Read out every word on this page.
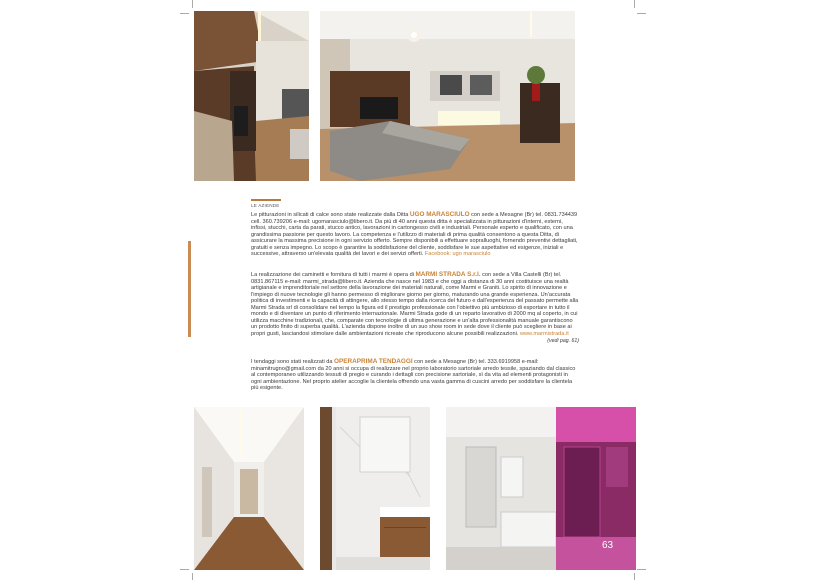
LE AZIENDE

Le pitturazioni in silicati di calce sono state realizzate dalla Ditta UGO MARASCIULO con sede a Mesagne (Br) tel. 0831.734439 cell. 360.739206 e-mail: ugomarasciulo@libero.it. Da più di 40 anni questa ditta è specializzata in pitturazioni d'interni, esterni, infissi, stucchi, carta da parati, stucco antico, lavorazioni in cartongesso civili e industriali. Personale esperto e qualificato, con una grandissima passione per questo lavoro. La competenza e l'utilizzo di materiali di prima qualità consentono a questa Ditta, di assicurare la massima precisione in ogni servizio offerto. Sempre disponibili a effettuare sopralluoghi, fornendo preventivi dettagliati, gratuiti e senza impegno. Lo scopo è garantire la soddisfazione del cliente, soddisfare le sue aspettative ed esigenze, iniziali e successive, attraverso un'elevata qualità dei lavori e dei servizi offerti. Facebook: ugo marasciulo

La realizzazione dei caminetti e fornitura di tutti i marmi è opera di MARMI STRADA S.r.l. con sede a Villa Castelli (Br) tel. 0831.867115 e-mail: marmi_strada@libero.it. Azienda che nasce nel 1983 e che oggi a distanza di 30 anni costituisce una realtà artigianale e imprenditoriale nel settore della lavorazione dei materiali naturali, come Marmi e Graniti. Lo spirito di innovazione e l'impiego di nuove tecnologie gli hanno permesso di migliorare giorno per giorno, maturando una grande esperienza. Un'accurata politica di investimenti e la capacità di attingere, allo stesso tempo dalla ricerca del futuro e dall'esperienza del passato permette alla Marmi Strada srl di consolidare nel tempo la figura ed il prestigio professionale con l'obiettivo più ambizioso di esportare in tutto il mondo e di diventare un punto di riferimento internazionale. Marmi Strada gode di un reparto lavorativo di 2000 mq al coperto, in cui utilizza macchine tradizionali, che, comparate con tecnologie di ultima generazione e un'alta professionalità manuale garantiscono un prodotto finito di superba qualità. L'azienda dispone inoltre di un suo show room in sede dove il cliente può scegliere in base ai propri gusti, lasciandosi stimolare dalle ambientazioni ricreate che riproducono alcune possibili realizzazioni. www.marmistrada.it

(vedi pag. 61)

I tendaggi sono stati realizzati da OPERAPRIMA TENDAGGI con sede a Mesagne (Br) tel. 333.6919958 e-mail: minamitrugno@gmail.com da 20 anni si occupa di realizzare nel proprio laboratorio sartoriale arredo tessile, spaziando dal classico al contemporaneo utilizzando tessuti di pregio e curando i dettagli con precisione sartoriale, sì da vita ad elementi protagonisti in ogni ambientazione. Nel proprio atelier accoglie la clientela offrendo una vasta gamma di cuscini arredo per soddisfare la clientela più esigente.

63
